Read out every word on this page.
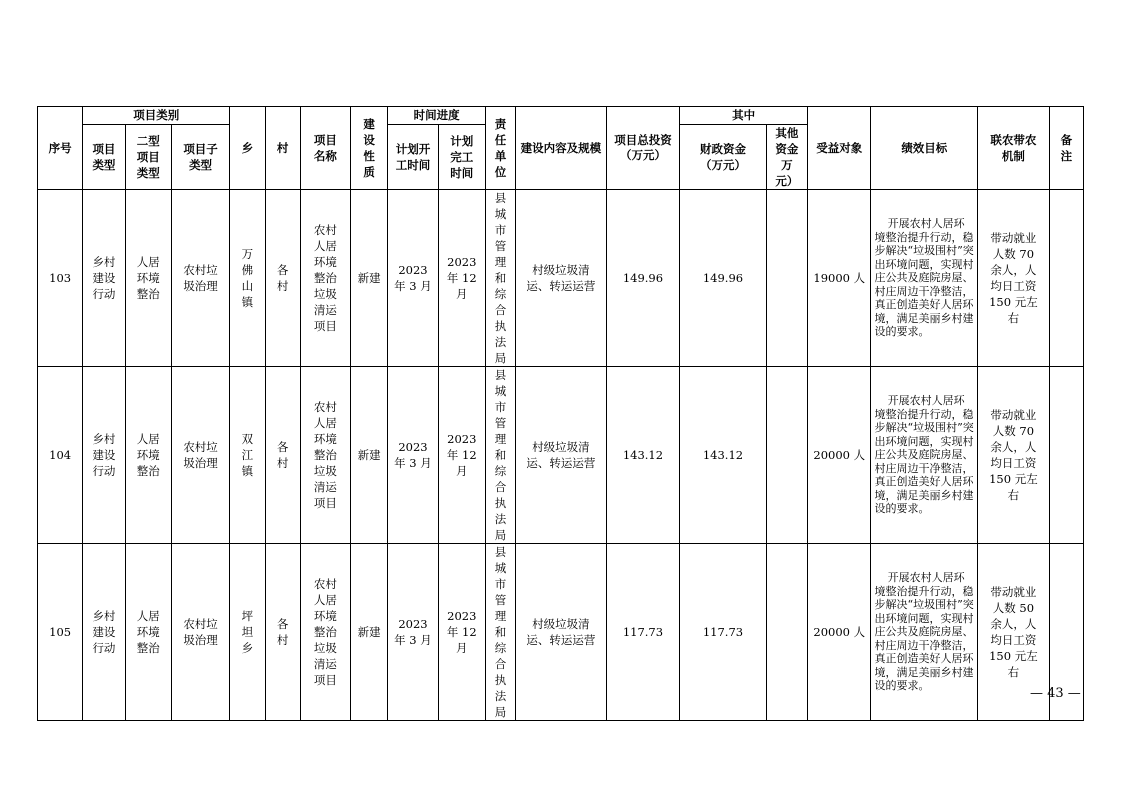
序号	项目类别			乡	村	项目名称	建设性质	时间进度		责任单位	建设内容及规模	项目总投资（万元）	其中		受益对象	绩效目标	联农带农机制	备注
	项目类型	二型项目类型	项目子类型					计划开工时间	计划完工时间				财政资金（万元）	其他资金万元）				
103	乡村建设行动	人居环境整治	农村垃圾治理	万佛山镇	各村	农村人居环境整治垃圾清运项目	新建	2023 年 3 月	2023 年 12 月	县城市管理和综合执法局	村级垃圾清运、转运运营	149.96	149.96		19000 人	开展农村人居环境整治提升行动，稳步解决“垃圾围村”突出环境问题，实现村庄公共及庭院房屋、村庄周边干净整洁，真正创造美好人居环境，满足美丽乡村建设的要求。	带动就业人数 70 余人，人均日工资 150 元左右	
104	乡村建设行动	人居环境整治	农村垃圾治理	双江镇	各村	农村人居环境整治垃圾清运项目	新建	2023 年 3 月	2023 年 12 月	县城市管理和综合执法局	村级垃圾清运、转运运营	143.12	143.12		20000 人	开展农村人居环境整治提升行动，稳步解决“垃圾围村”突出环境问题，实现村庄公共及庭院房屋、村庄周边干净整洁，真正创造美好人居环境，满足美丽乡村建设的要求。	带动就业人数 70 余人，人均日工资 150 元左右	
105	乡村建设行动	人居环境整治	农村垃圾治理	坪坦乡	各村	农村人居环境整治垃圾清运项目	新建	2023 年 3 月	2023 年 12 月	县城市管理和综合执法局	村级垃圾清运、转运运营	117.73	117.73		20000 人	开展农村人居环境整治提升行动，稳步解决“垃圾围村”突出环境问题，实现村庄公共及庭院房屋、村庄周边干净整洁，真正创造美好人居环境，满足美丽乡村建设的要求。	带动就业人数 50 余人，人均日工资 150 元左右	
— 43 —
